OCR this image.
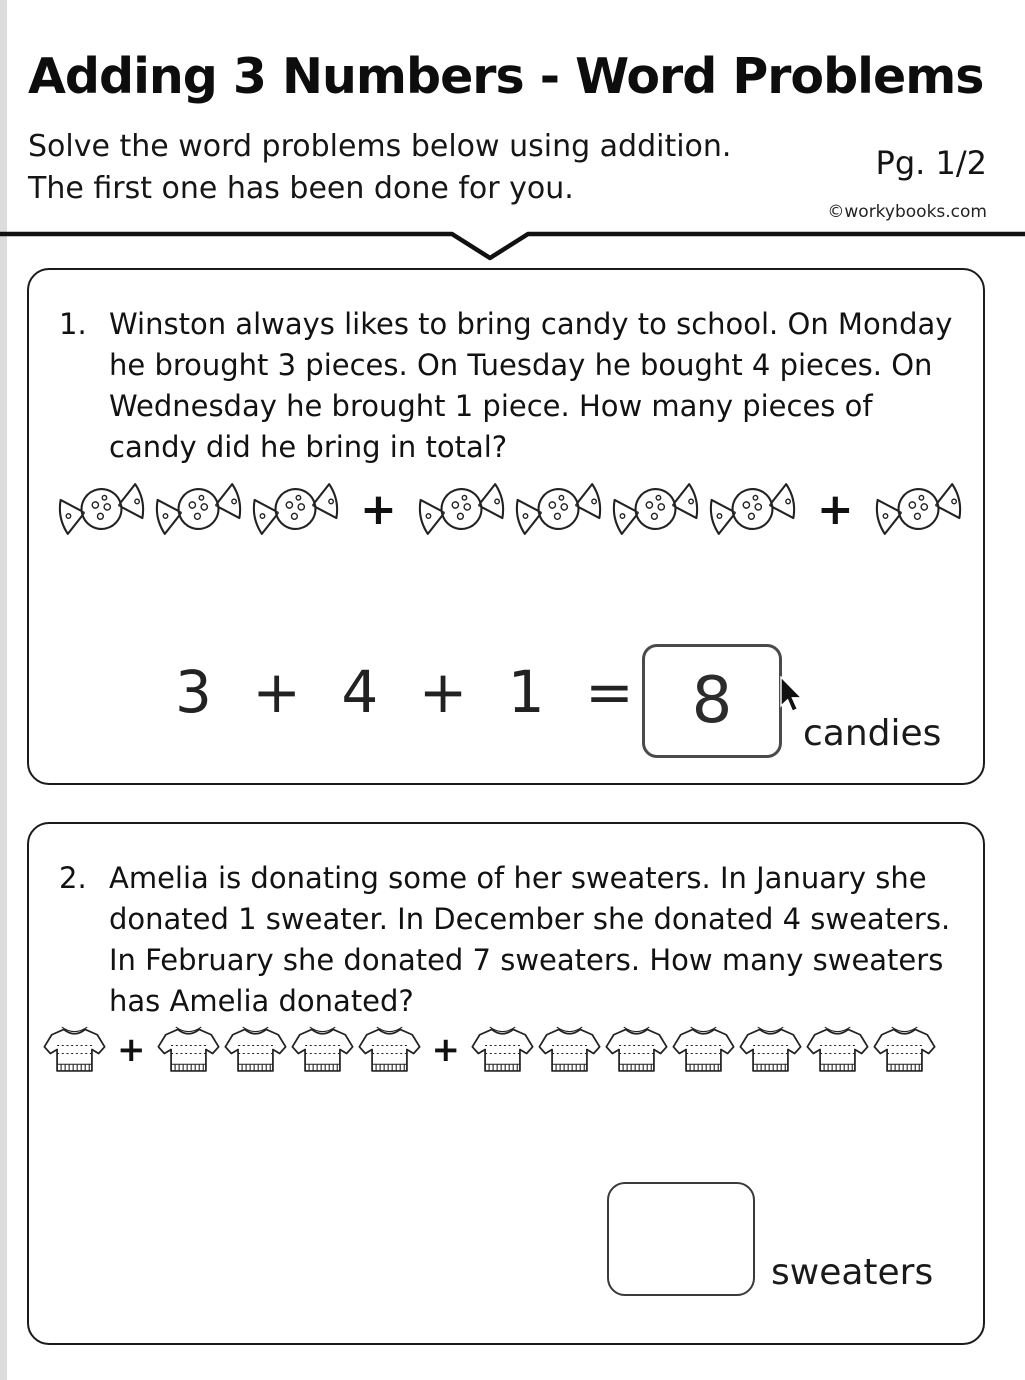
Adding 3 Numbers - Word Problems
Solve the word problems below using addition.
The first one has been done for you.
Pg. 1/2
©workybooks.com
1. Winston always likes to bring candy to school. On Monday he brought 3 pieces. On Tuesday he bought 4 pieces. On Wednesday he brought 1 piece. How many pieces of candy did he bring in total?
+	+
3 + 4 + 1 = 8 candies
2. Amelia is donating some of her sweaters. In January she donated 1 sweater. In December she donated 4 sweaters. In February she donated 7 sweaters. How many sweaters has Amelia donated?
+	+
sweaters
